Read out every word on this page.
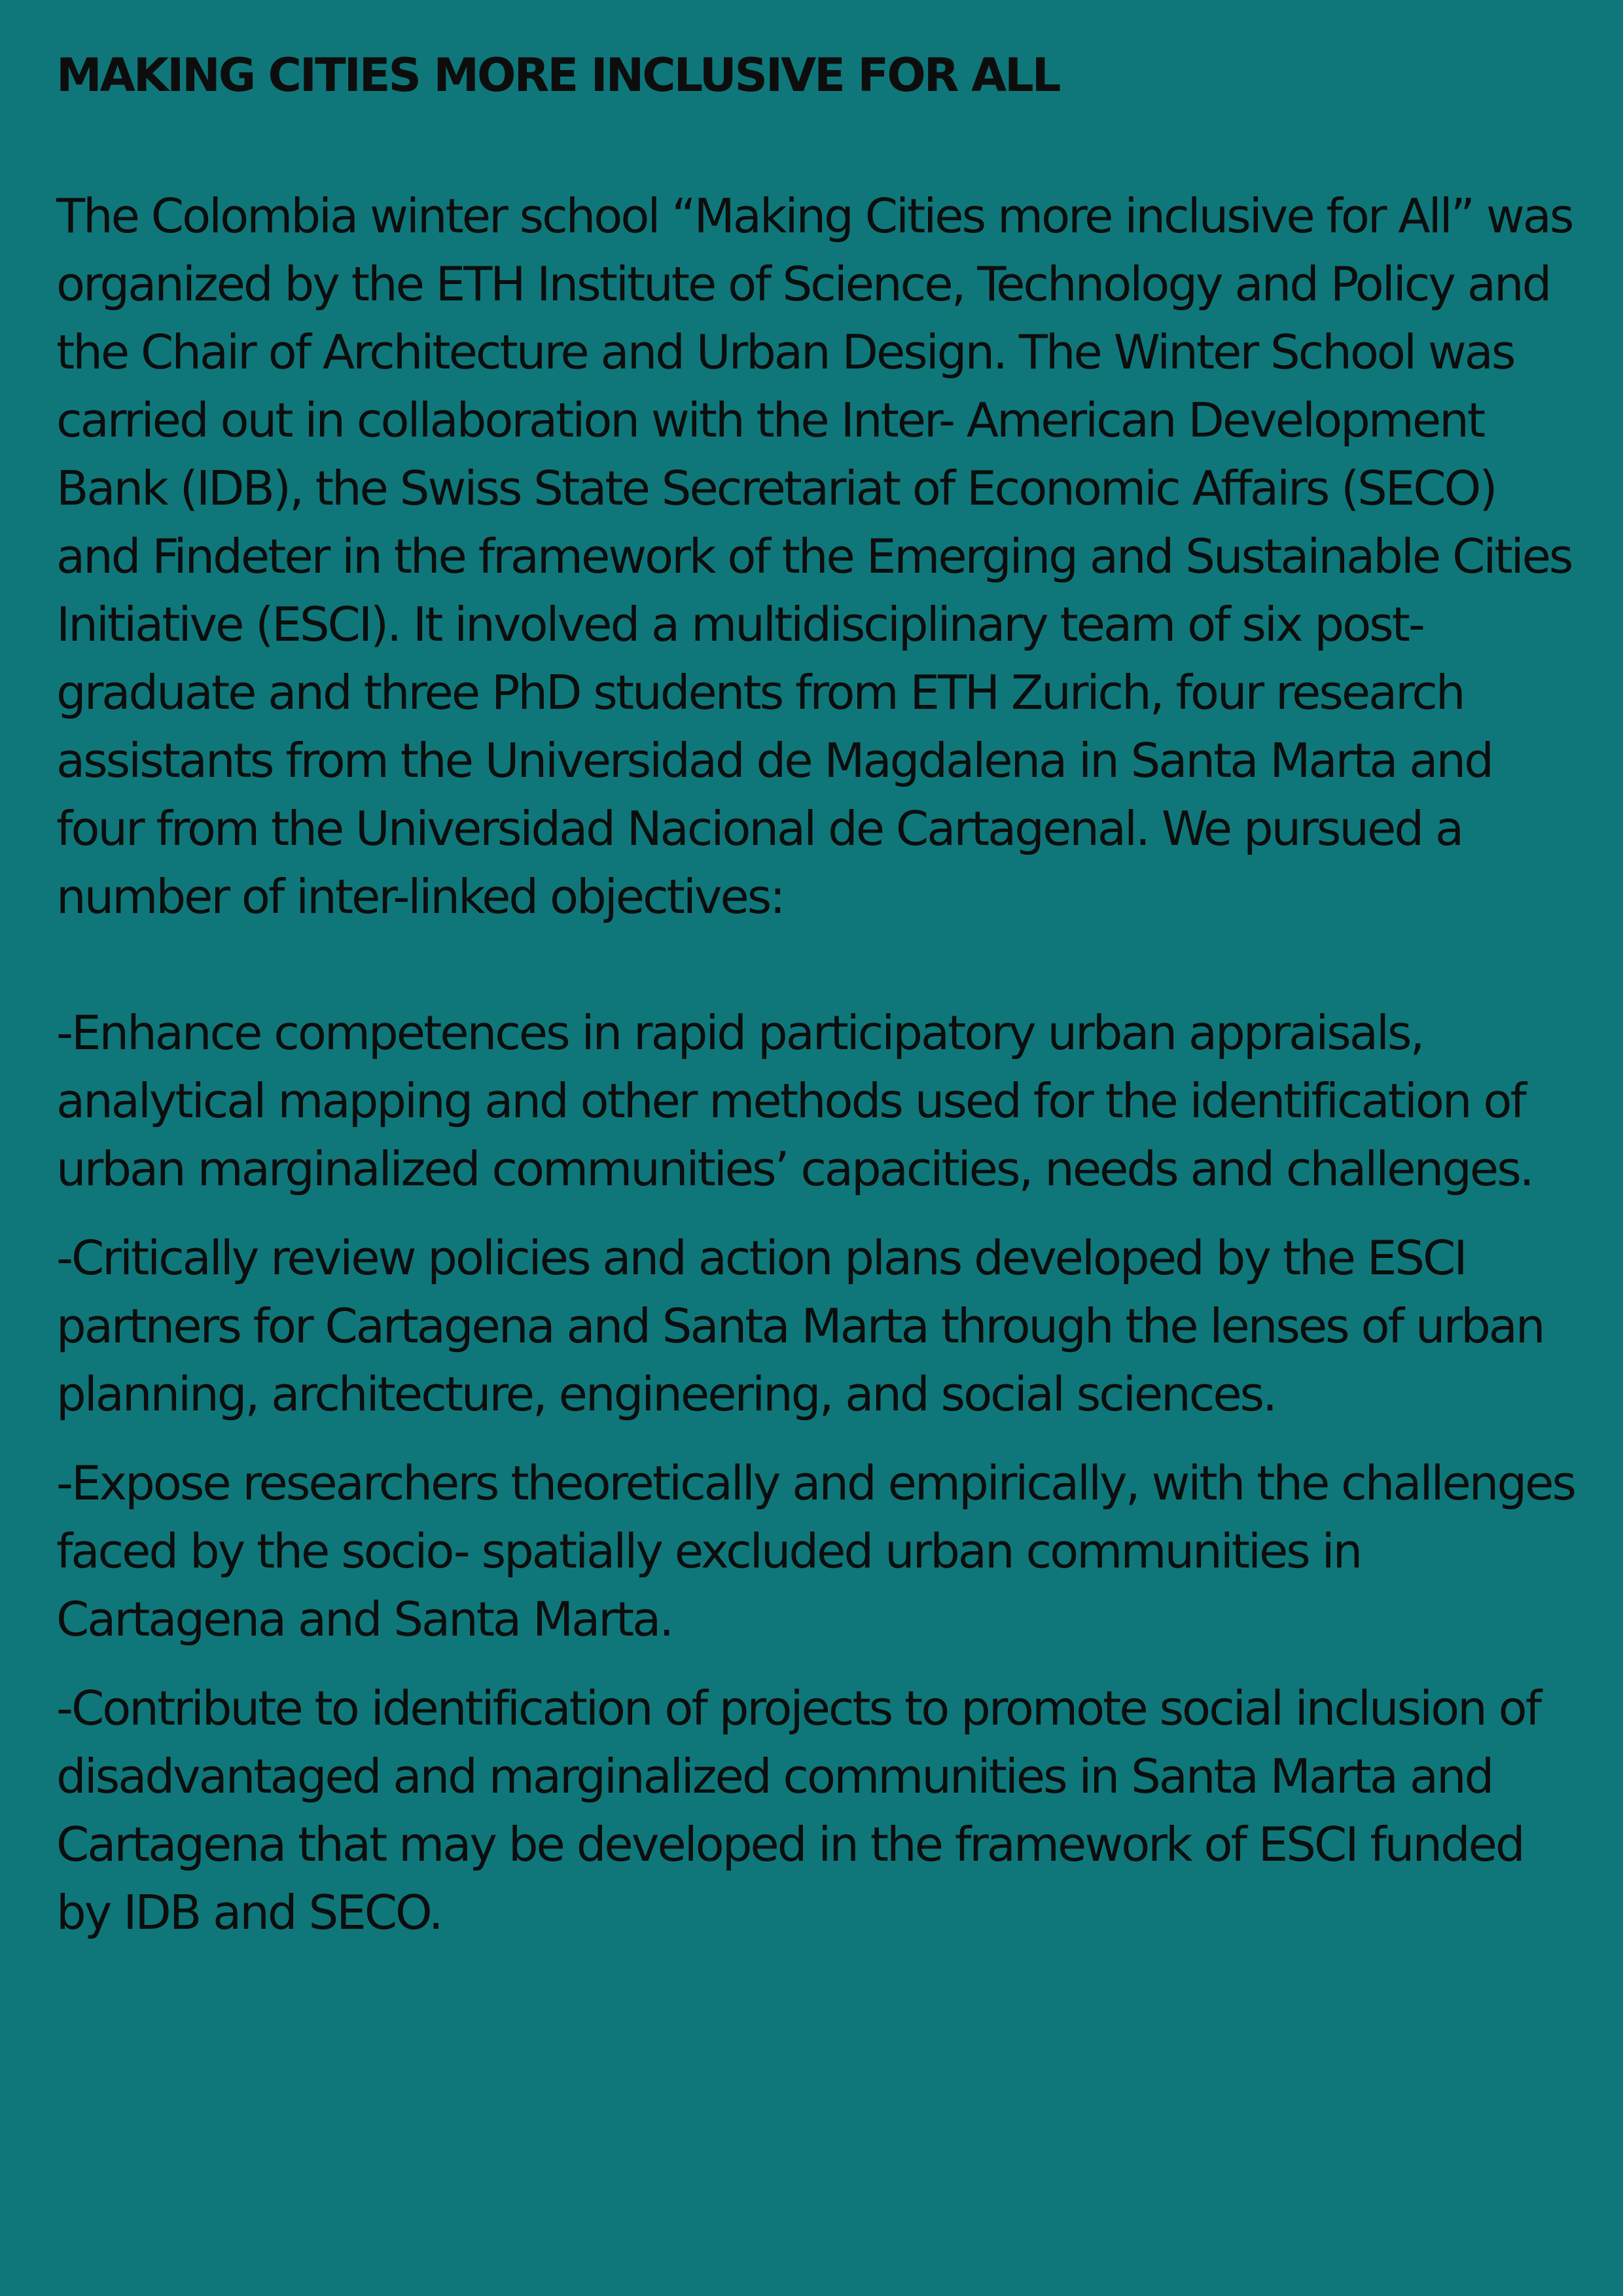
MAKING CITIES MORE INCLUSIVE FOR ALL

The Colombia winter school “Making Cities more inclusive for All” was organized by the ETH Institute of Science, Technology and Policy and the Chair of Architecture and Urban Design. The Winter School was carried out in collaboration with the Inter- American Development Bank (IDB), the Swiss State Secretariat of Economic Affairs (SECO) and Findeter in the framework of the Emerging and Sustainable Cities Initiative (ESCI). It involved a multidisciplinary team of six post-graduate and three PhD students from ETH Zurich, four research assistants from the Universidad de Magdalena in Santa Marta and four from the Universidad Nacional de Cartagenal. We pursued a number of inter-linked objectives:

-Enhance competences in rapid participatory urban appraisals, analytical mapping and other methods used for the identification of urban marginalized communities’ capacities, needs and challenges.

-Critically review policies and action plans developed by the ESCI partners for Cartagena and Santa Marta through the lenses of urban planning, architecture, engineering, and social sciences.

-Expose researchers theoretically and empirically, with the challenges faced by the socio- spatially excluded urban communities in Cartagena and Santa Marta.

-Contribute to identification of projects to promote social inclusion of disadvantaged and marginalized communities in Santa Marta and Cartagena that may be developed in the framework of ESCI funded by IDB and SECO.
